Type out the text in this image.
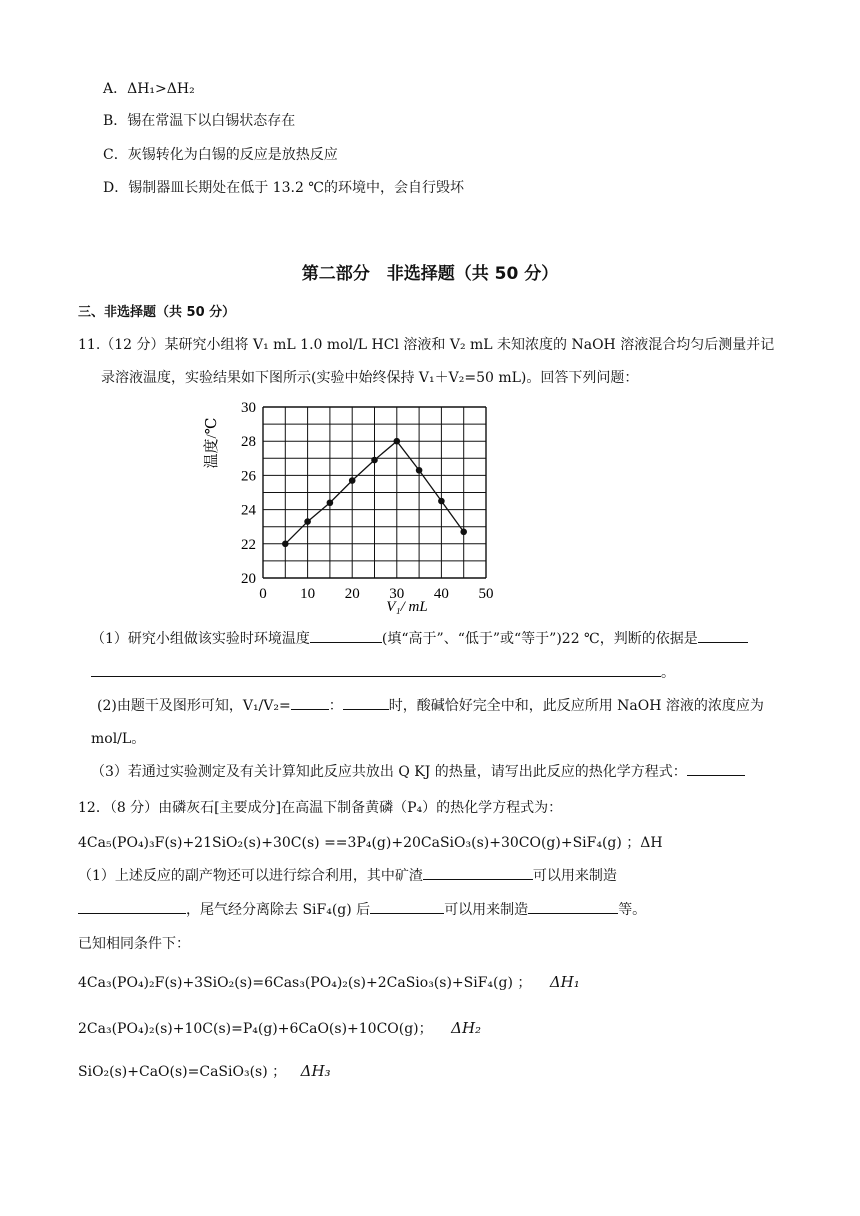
A．ΔH₁>ΔH₂
B．锡在常温下以白锡状态存在
C．灰锡转化为白锡的反应是放热反应
D．锡制器皿长期处在低于 13.2 ℃的环境中，会自行毁坏
第二部分　非选择题（共 50 分）
三、非选择题（共 50 分）
11.（12 分）某研究小组将 V₁ mL 1.0 mol/L HCl 溶液和 V₂ mL 未知浓度的 NaOH 溶液混合均匀后测量并记
录溶液温度，实验结果如下图所示(实验中始终保持 V₁＋V₂=50 mL)。回答下列问题：
20
22
24
26
28
30
0 10 20 30 40 50
V₁/ mL
温度/℃
（1）研究小组做该实验时环境温度	(填“高于”、“低于”或“等于”)22 ℃，判断的依据是
。
(2)由题干及图形可知，V₁/V₂=	：	时，酸碱恰好完全中和，此反应所用 NaOH 溶液的浓度应为
mol/L。
（3）若通过实验测定及有关计算知此反应共放出 Q KJ 的热量，请写出此反应的热化学方程式：
12．（8 分）由磷灰石[主要成分]在高温下制备黄磷（P₄）的热化学方程式为：
4Ca₅(PO₄)₃F(s)+21SiO₂(s)+30C(s) ==3P₄(g)+20CaSiO₃(s)+30CO(g)+SiF₄(g) ；ΔH
（1）上述反应的副产物还可以进行综合利用，其中矿渣	可以用来制造
，尾气经分离除去 SiF₄(g) 后	可以用来制造	等。
已知相同条件下：
4Ca₃(PO₄)₂F(s)+3SiO₂(s)=6Cas₃(PO₄)₂(s)+2CaSio₃(s)+SiF₄(g) ； ΔH₁
2Ca₃(PO₄)₂(s)+10C(s)=P₄(g)+6CaO(s)+10CO(g)； ΔH₂
SiO₂(s)+CaO(s)=CaSiO₃(s) ； ΔH₃
